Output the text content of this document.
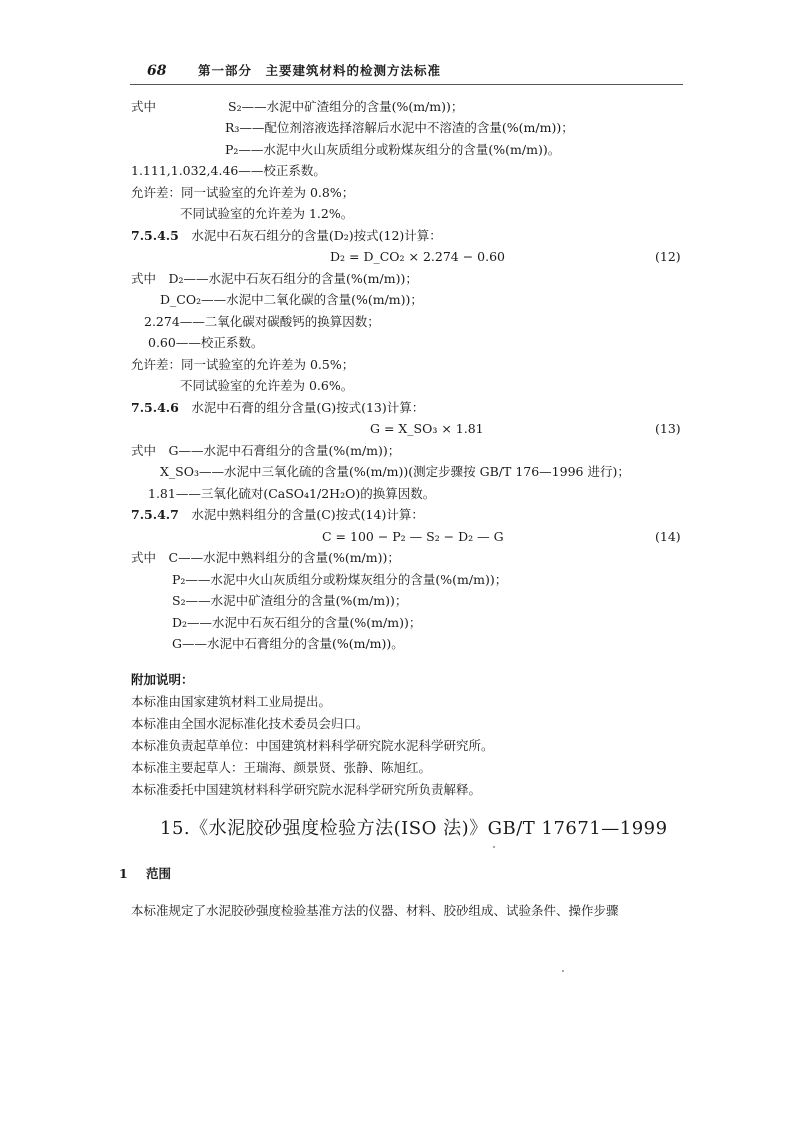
68	第一部分　主要建筑材料的检测方法标准
式中	S₂——水泥中矿渣组分的含量(%(m/m))；
R₃——配位剂溶液选择溶解后水泥中不溶渣的含量(%(m/m))；
P₂——水泥中火山灰质组分或粉煤灰组分的含量(%(m/m))。
1.111,1.032,4.46——校正系数。
允许差：同一试验室的允许差为 0.8%；
不同试验室的允许差为 1.2%。
7.5.4.5　水泥中石灰石组分的含量(D₂)按式(12)计算：
D₂ = D_CO₂ × 2.274 − 0.60
式中　D₂——水泥中石灰石组分的含量(%(m/m))；
D_CO₂——水泥中二氧化碳的含量(%(m/m))；
2.274——二氧化碳对碳酸钙的换算因数；
0.60——校正系数。
允许差：同一试验室的允许差为 0.5%；
不同试验室的允许差为 0.6%。
7.5.4.6　水泥中石膏的组分含量(G)按式(13)计算：
G = X_SO₃ × 1.81
式中　G——水泥中石膏组分的含量(%(m/m))；
X_SO₃——水泥中三氧化硫的含量(%(m/m))(测定步骤按 GB/T 176—1996 进行)；
1.81——三氧化硫对(CaSO₄1/2H₂O)的换算因数。
7.5.4.7　水泥中熟料组分的含量(C)按式(14)计算：
C = 100 − P₂ — S₂ − D₂ — G
式中　C——水泥中熟料组分的含量(%(m/m))；
P₂——水泥中火山灰质组分或粉煤灰组分的含量(%(m/m))；
S₂——水泥中矿渣组分的含量(%(m/m))；
D₂——水泥中石灰石组分的含量(%(m/m))；
G——水泥中石膏组分的含量(%(m/m))。
(12)
(13)
(14)
附加说明：
本标准由国家建筑材料工业局提出。
本标准由全国水泥标准化技术委员会归口。
本标准负责起草单位：中国建筑材料科学研究院水泥科学研究所。
本标准主要起草人：王瑞海、颜景贤、张静、陈旭红。
本标准委托中国建筑材料科学研究院水泥科学研究所负责解释。
15.《水泥胶砂强度检验方法(ISO 法)》GB/T 17671—1999
1 范围
本标准规定了水泥胶砂强度检验基准方法的仪器、材料、胶砂组成、试验条件、操作步骤
